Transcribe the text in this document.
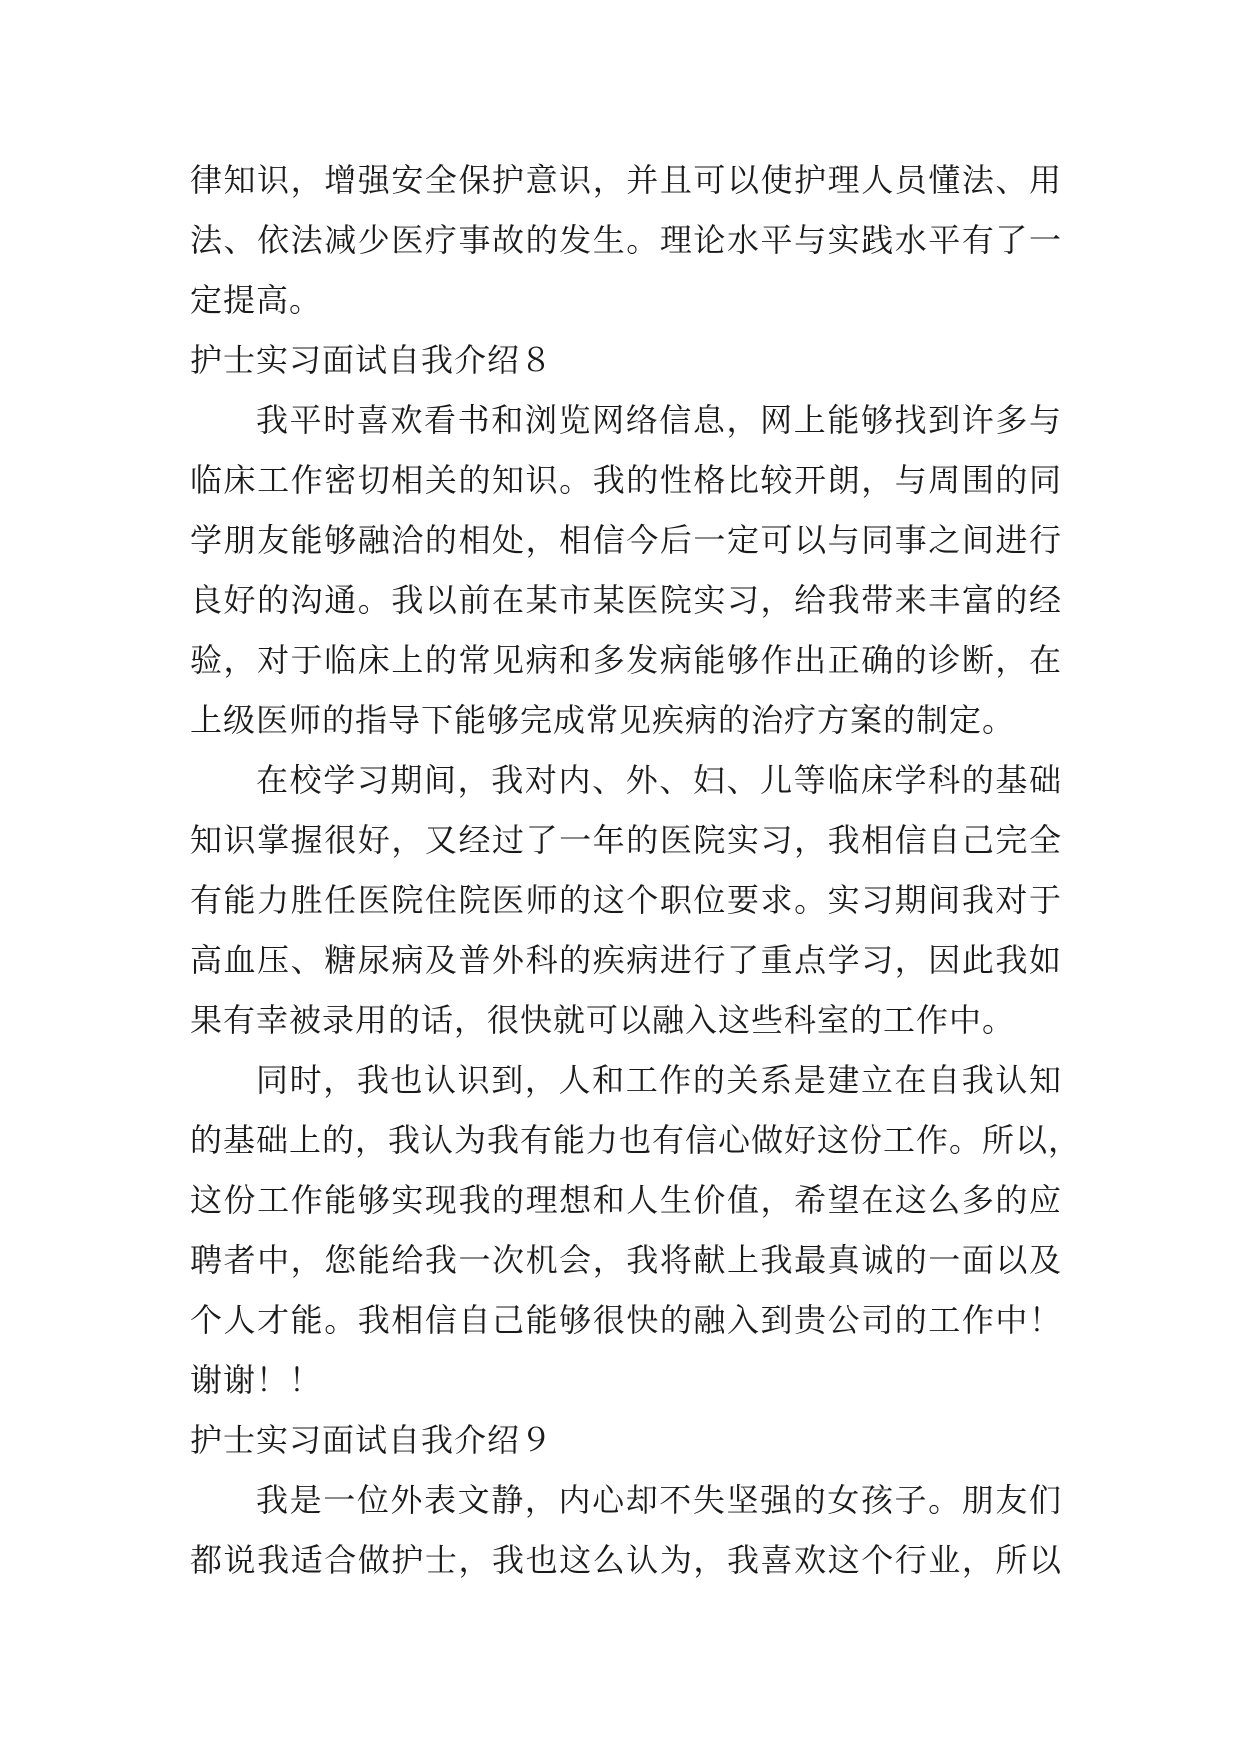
律知识，增强安全保护意识，并且可以使护理人员懂法、用
法、依法减少医疗事故的发生。理论水平与实践水平有了一
定提高。
护士实习面试自我介绍８
我平时喜欢看书和浏览网络信息，网上能够找到许多与
临床工作密切相关的知识。我的性格比较开朗，与周围的同
学朋友能够融洽的相处，相信今后一定可以与同事之间进行
良好的沟通。我以前在某市某医院实习，给我带来丰富的经
验，对于临床上的常见病和多发病能够作出正确的诊断，在
上级医师的指导下能够完成常见疾病的治疗方案的制定。
在校学习期间，我对内、外、妇、儿等临床学科的基础
知识掌握很好，又经过了一年的医院实习，我相信自己完全
有能力胜任医院住院医师的这个职位要求。实习期间我对于
高血压、糖尿病及普外科的疾病进行了重点学习，因此我如
果有幸被录用的话，很快就可以融入这些科室的工作中。
同时，我也认识到，人和工作的关系是建立在自我认知
的基础上的，我认为我有能力也有信心做好这份工作。所以，
这份工作能够实现我的理想和人生价值，希望在这么多的应
聘者中，您能给我一次机会，我将献上我最真诚的一面以及
个人才能。我相信自己能够很快的融入到贵公司的工作中！
谢谢！！
护士实习面试自我介绍９
我是一位外表文静，内心却不失坚强的女孩子。朋友们
都说我适合做护士，我也这么认为，我喜欢这个行业，所以
